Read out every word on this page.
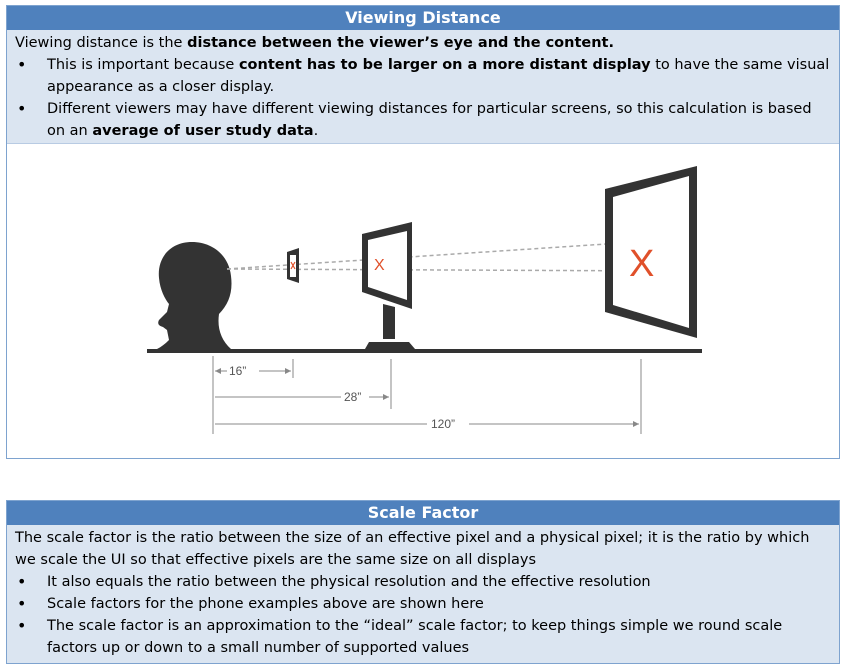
Viewing Distance
Viewing distance is the distance between the viewer’s eye and the content.
• This is important because content has to be larger on a more distant display to have the same visual appearance as a closer display.
• Different viewers may have different viewing distances for particular screens, so this calculation is based on an average of user study data.
X	X
16”
28”
120”
Scale Factor
The scale factor is the ratio between the size of an effective pixel and a physical pixel; it is the ratio by which we scale the UI so that effective pixels are the same size on all displays
• It also equals the ratio between the physical resolution and the effective resolution
• Scale factors for the phone examples above are shown here
• The scale factor is an approximation to the “ideal” scale factor; to keep things simple we round scale factors up or down to a small number of supported values
